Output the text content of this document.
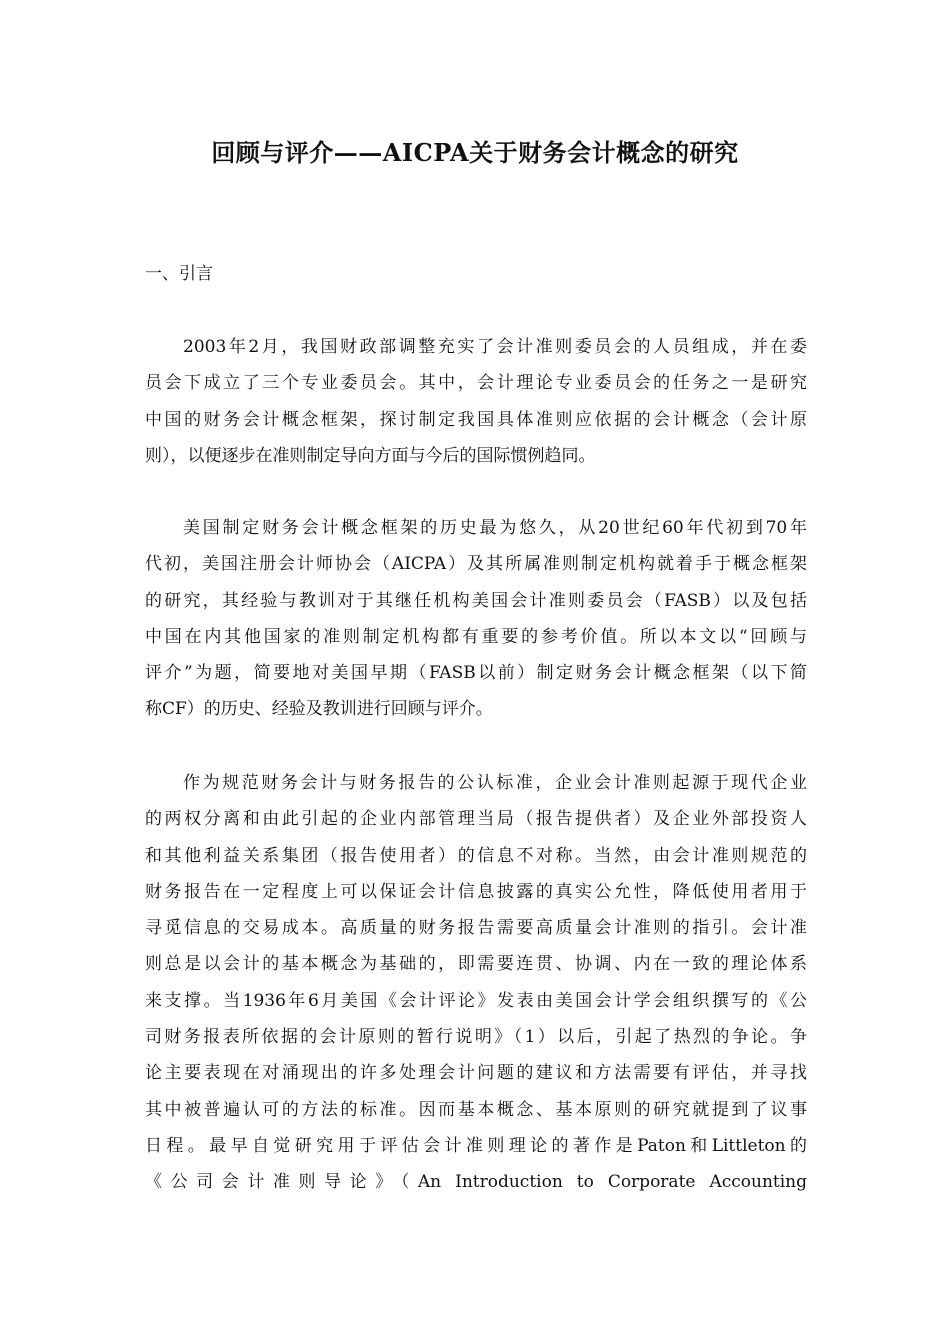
回顾与评介——AICPA关于财务会计概念的研究
一、引言
2003年2月，我国财政部调整充实了会计准则委员会的人员组成，并在委
员会下成立了三个专业委员会。其中，会计理论专业委员会的任务之一是研究
中国的财务会计概念框架，探讨制定我国具体准则应依据的会计概念（会计原
则），以便逐步在准则制定导向方面与今后的国际惯例趋同。
美国制定财务会计概念框架的历史最为悠久，从20世纪60年代初到70年
代初，美国注册会计师协会（AICPA）及其所属准则制定机构就着手于概念框架
的研究，其经验与教训对于其继任机构美国会计准则委员会（FASB）以及包括
中国在内其他国家的准则制定机构都有重要的参考价值。所以本文以“回顾与
评介”为题，简要地对美国早期（FASB以前）制定财务会计概念框架（以下简
称CF）的历史、经验及教训进行回顾与评介。
作为规范财务会计与财务报告的公认标准，企业会计准则起源于现代企业
的两权分离和由此引起的企业内部管理当局（报告提供者）及企业外部投资人
和其他利益关系集团（报告使用者）的信息不对称。当然，由会计准则规范的
财务报告在一定程度上可以保证会计信息披露的真实公允性，降低使用者用于
寻觅信息的交易成本。高质量的财务报告需要高质量会计准则的指引。会计准
则总是以会计的基本概念为基础的，即需要连贯、协调、内在一致的理论体系
来支撑。当1936年6月美国《会计评论》发表由美国会计学会组织撰写的《公
司财务报表所依据的会计原则的暂行说明》（1）以后，引起了热烈的争论。争
论主要表现在对涌现出的许多处理会计问题的建议和方法需要有评估，并寻找
其中被普遍认可的方法的标准。因而基本概念、基本原则的研究就提到了议事
日程。最早自觉研究用于评估会计准则理论的著作是Paton和Littleton的
《公司会计准则导论》（An Introduction to Corporate Accounting
